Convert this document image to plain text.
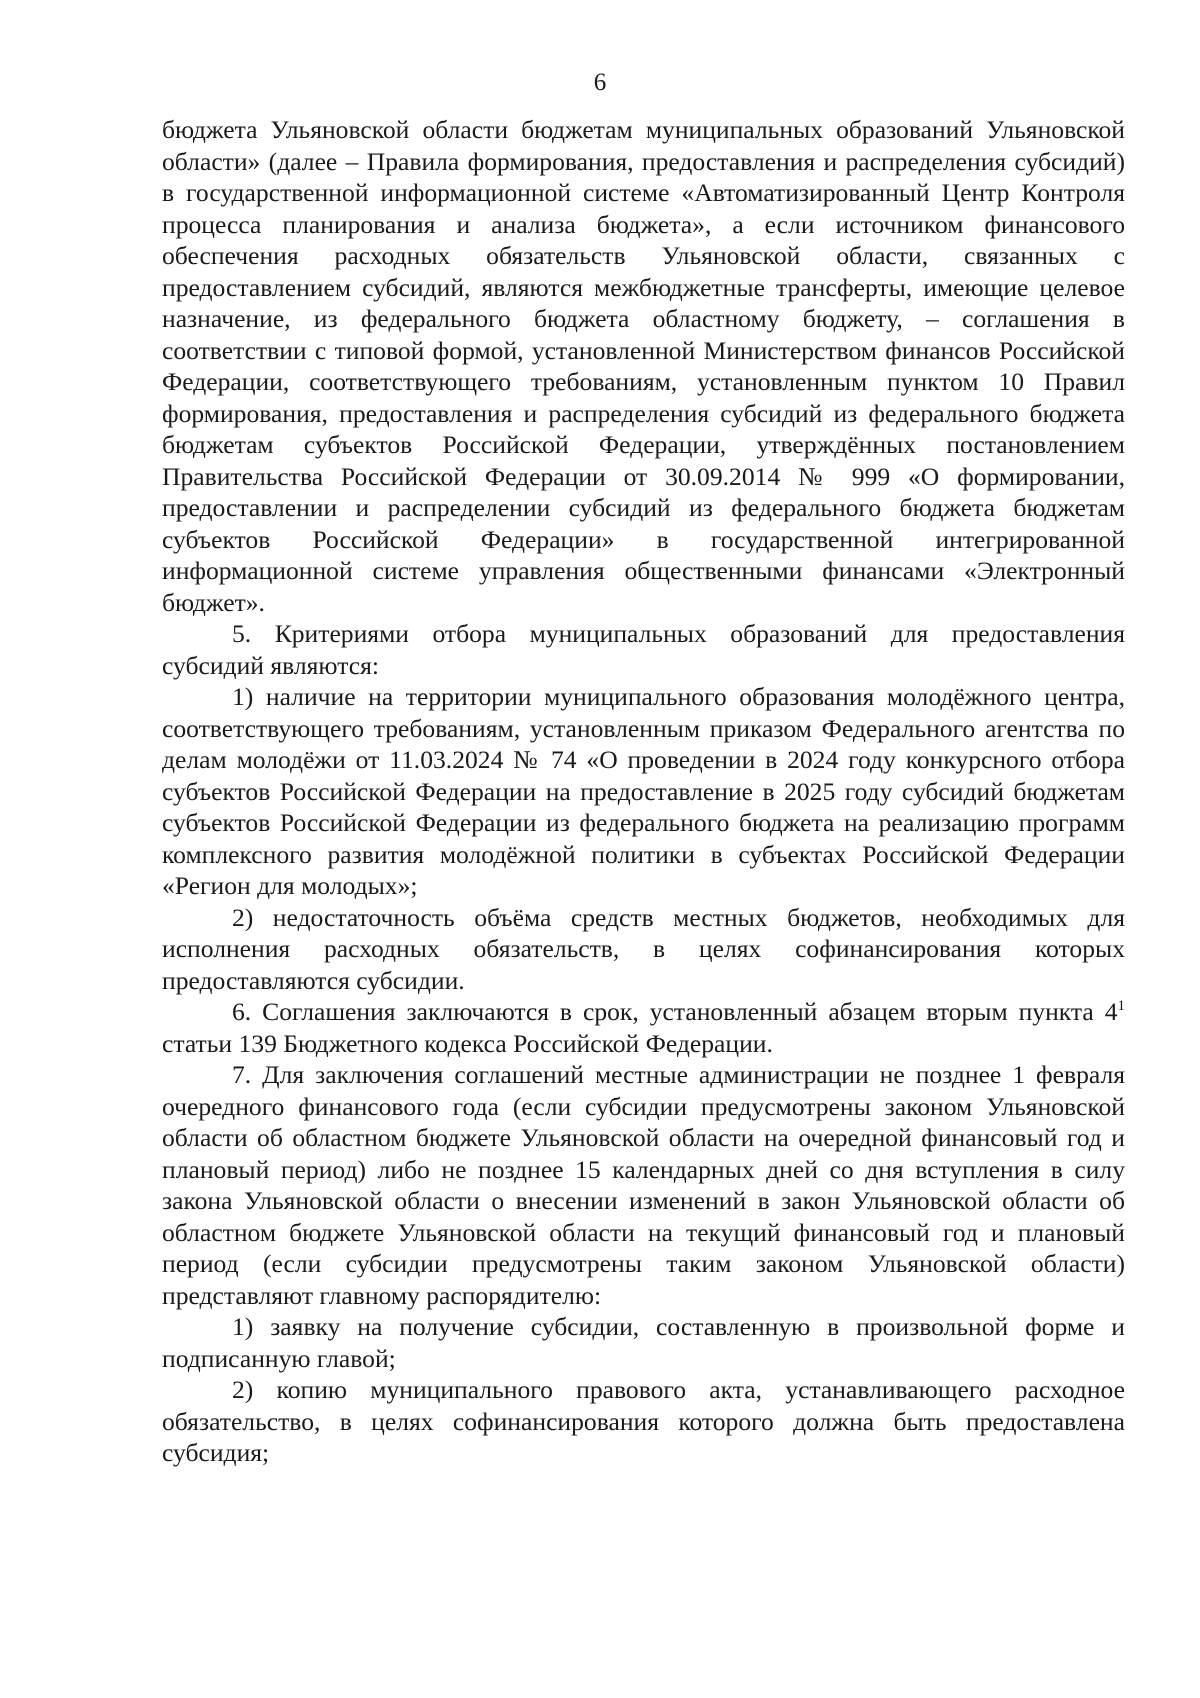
6

бюджета Ульяновской области бюджетам муниципальных образований Ульяновской области» (далее – Правила формирования, предоставления и распределения субсидий) в государственной информационной системе «Автоматизированный Центр Контроля процесса планирования и анализа бюджета», а если источником финансового обеспечения расходных обязательств Ульяновской области, связанных с предоставлением субсидий, являются межбюджетные трансферты, имеющие целевое назначение, из федерального бюджета областному бюджету, – соглашения в соответствии с типовой формой, установленной Министерством финансов Российской Федерации, соответствующего требованиям, установленным пунктом 10 Правил формирования, предоставления и распределения субсидий из федерального бюджета бюджетам субъектов Российской Федерации, утверждённых постановлением Правительства Российской Федерации от 30.09.2014 № 999 «О формировании, предоставлении и распределении субсидий из федерального бюджета бюджетам субъектов Российской Федерации» в государственной интегрированной информационной системе управления общественными финансами «Электронный бюджет».

5. Критериями отбора муниципальных образований для предоставления субсидий являются:

1) наличие на территории муниципального образования молодёжного центра, соответствующего требованиям, установленным приказом Федерального агентства по делам молодёжи от 11.03.2024 № 74 «О проведении в 2024 году конкурсного отбора субъектов Российской Федерации на предоставление в 2025 году субсидий бюджетам субъектов Российской Федерации из федерального бюджета на реализацию программ комплексного развития молодёжной политики в субъектах Российской Федерации «Регион для молодых»;

2) недостаточность объёма средств местных бюджетов, необходимых для исполнения расходных обязательств, в целях софинансирования которых предоставляются субсидии.

6. Соглашения заключаются в срок, установленный абзацем вторым пункта $4^1$ статьи 139 Бюджетного кодекса Российской Федерации.

7. Для заключения соглашений местные администрации не позднее 1 февраля очередного финансового года (если субсидии предусмотрены законом Ульяновской области об областном бюджете Ульяновской области на очередной финансовый год и плановый период) либо не позднее 15 календарных дней со дня вступления в силу закона Ульяновской области о внесении изменений в закон Ульяновской области об областном бюджете Ульяновской области на текущий финансовый год и плановый период (если субсидии предусмотрены таким законом Ульяновской области) представляют главному распорядителю:

1) заявку на получение субсидии, составленную в произвольной форме и подписанную главой;

2) копию муниципального правового акта, устанавливающего расходное обязательство, в целях софинансирования которого должна быть предоставлена субсидия;
